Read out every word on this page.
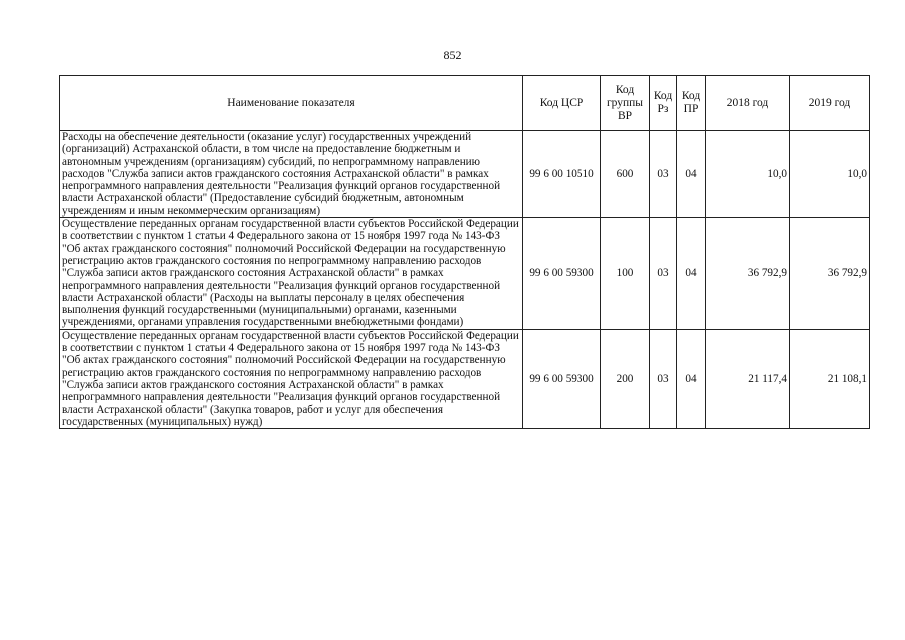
852
Наименование показателя	Код ЦСР	Код группы ВР	Код Рз	Код ПР	2018 год	2019 год
Расходы на обеспечение деятельности (оказание услуг) государственных учреждений (организаций) Астраханской области, в том числе на предоставление бюджетным и автономным учреждениям (организациям) субсидий, по непрограммному направлению расходов "Служба записи актов гражданского состояния Астраханской области" в рамках непрограммного направления деятельности "Реализация функций органов государственной власти Астраханской области" (Предоставление субсидий бюджетным, автономным учреждениям и иным некоммерческим организациям)	99 6 00 10510	600	03	04	10,0	10,0
Осуществление переданных органам государственной власти субъектов Российской Федерации в соответствии с пунктом 1 статьи 4 Федерального закона от 15 ноября 1997 года № 143-ФЗ "Об актах гражданского состояния" полномочий Российской Федерации на государственную регистрацию актов гражданского состояния по непрограммному направлению расходов "Служба записи актов гражданского состояния Астраханской области" в рамках непрограммного направления деятельности "Реализация функций органов государственной власти Астраханской области" (Расходы на выплаты персоналу в целях обеспечения выполнения функций государственными (муниципальными) органами, казенными учреждениями, органами управления государственными внебюджетными фондами)	99 6 00 59300	100	03	04	36 792,9	36 792,9
Осуществление переданных органам государственной власти субъектов Российской Федерации в соответствии с пунктом 1 статьи 4 Федерального закона от 15 ноября 1997 года № 143-ФЗ "Об актах гражданского состояния" полномочий Российской Федерации на государственную регистрацию актов гражданского состояния по непрограммному направлению расходов "Служба записи актов гражданского состояния Астраханской области" в рамках непрограммного направления деятельности "Реализация функций органов государственной власти Астраханской области" (Закупка товаров, работ и услуг для обеспечения государственных (муниципальных) нужд)	99 6 00 59300	200	03	04	21 117,4	21 108,1
